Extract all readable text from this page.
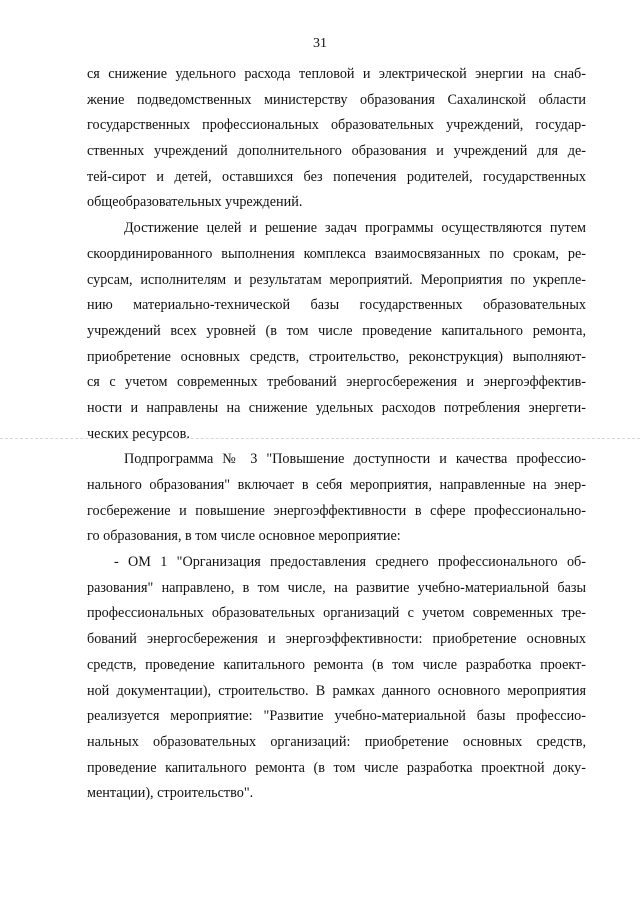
31
ся снижение удельного расхода тепловой и электрической энергии на снаб-
жение подведомственных министерству образования Сахалинской области
государственных профессиональных образовательных учреждений, государ-
ственных учреждений дополнительного образования и учреждений для де-
тей-сирот и детей, оставшихся без попечения родителей, государственных
общеобразовательных учреждений.
Достижение целей и решение задач программы осуществляются путем
скоординированного выполнения комплекса взаимосвязанных по срокам, ре-
сурсам, исполнителям и результатам мероприятий. Мероприятия по укрепле-
нию материально-технической базы государственных образовательных
учреждений всех уровней (в том числе проведение капитального ремонта,
приобретение основных средств, строительство, реконструкция) выполняют-
ся с учетом современных требований энергосбережения и энергоэффектив-
ности и направлены на снижение удельных расходов потребления энергети-
ческих ресурсов.
Подпрограмма № 3 "Повышение доступности и качества профессио-
нального образования" включает в себя мероприятия, направленные на энер-
госбережение и повышение энергоэффективности в сфере профессионально-
го образования, в том числе основное мероприятие:
- ОМ 1 "Организация предоставления среднего профессионального об-
разования" направлено, в том числе, на развитие учебно-материальной базы
профессиональных образовательных организаций с учетом современных тре-
бований энергосбережения и энергоэффективности: приобретение основных
средств, проведение капитального ремонта (в том числе разработка проект-
ной документации), строительство. В рамках данного основного мероприятия
реализуется мероприятие: "Развитие учебно-материальной базы профессио-
нальных образовательных организаций: приобретение основных средств,
проведение капитального ремонта (в том числе разработка проектной доку-
ментации), строительство".
